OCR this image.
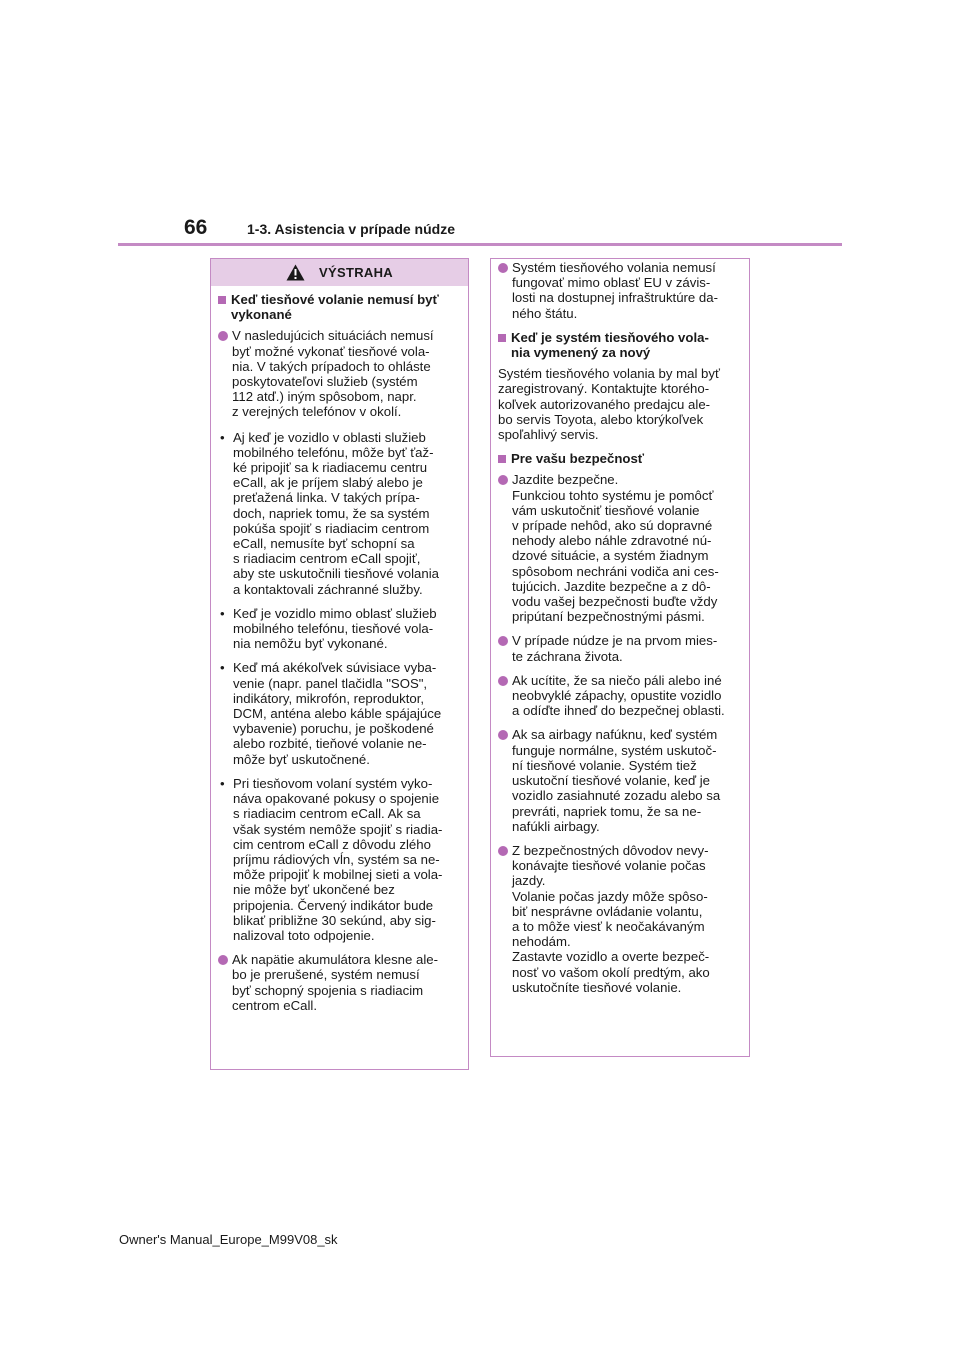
66	1-3. Asistencia v prípade núdze
VÝSTRAHA
Keď tiesňové volanie nemusí byť
vykonané
V nasledujúcich situáciách nemusí
byť možné vykonať tiesňové vola-
nia. V takých prípadoch to ohláste
poskytovateľovi služieb (systém
112 atď.) iným spôsobom, napr.
z verejných telefónov v okolí.
• Aj keď je vozidlo v oblasti služieb
mobilného telefónu, môže byť ťaž-
ké pripojiť sa k riadiacemu centru
eCall, ak je príjem slabý alebo je
preťažená linka. V takých prípa-
doch, napriek tomu, že sa systém
pokúša spojiť s riadiacim centrom
eCall, nemusíte byť schopní sa
s riadiacim centrom eCall spojiť,
aby ste uskutočnili tiesňové volania
a kontaktovali záchranné služby.
• Keď je vozidlo mimo oblasť služieb
mobilného telefónu, tiesňové vola-
nia nemôžu byť vykonané.
• Keď má akékoľvek súvisiace vyba-
venie (napr. panel tlačidla "SOS",
indikátory, mikrofón, reproduktor,
DCM, anténa alebo káble spájajúce
vybavenie) poruchu, je poškodené
alebo rozbité, tieňové volanie ne-
môže byť uskutočnené.
• Pri tiesňovom volaní systém vyko-
náva opakované pokusy o spojenie
s riadiacim centrom eCall. Ak sa
však systém nemôže spojiť s riadia-
cim centrom eCall z dôvodu zlého
príjmu rádiových vĺn, systém sa ne-
môže pripojiť k mobilnej sieti a vola-
nie môže byť ukončené bez
pripojenia. Červený indikátor bude
blikať približne 30 sekúnd, aby sig-
nalizoval toto odpojenie.
Ak napätie akumulátora klesne ale-
bo je prerušené, systém nemusí
byť schopný spojenia s riadiacim
centrom eCall.
Systém tiesňového volania nemusí
fungovať mimo oblasť EU v závis-
losti na dostupnej infraštruktúre da-
ného štátu.
Keď je systém tiesňového vola-
nia vymenený za nový
Systém tiesňového volania by mal byť
zaregistrovaný. Kontaktujte ktorého-
koľvek autorizovaného predajcu ale-
bo servis Toyota, alebo ktorýkoľvek
spoľahlivý servis.
Pre vašu bezpečnosť
Jazdite bezpečne.
Funkciou tohto systému je pomôcť
vám uskutočniť tiesňové volanie
v prípade nehôd, ako sú dopravné
nehody alebo náhle zdravotné nú-
dzové situácie, a systém žiadnym
spôsobom nechráni vodiča ani ces-
tujúcich. Jazdite bezpečne a z dô-
vodu vašej bezpečnosti buďte vždy
pripútaní bezpečnostnými pásmi.
V prípade núdze je na prvom mies-
te záchrana života.
Ak ucítite, že sa niečo páli alebo iné
neobvyklé zápachy, opustite vozidlo
a odíďte ihneď do bezpečnej oblasti.
Ak sa airbagy nafúknu, keď systém
funguje normálne, systém uskutoč-
ní tiesňové volanie. Systém tiež
uskutoční tiesňové volanie, keď je
vozidlo zasiahnuté zozadu alebo sa
prevráti, napriek tomu, že sa ne-
nafúkli airbagy.
Z bezpečnostných dôvodov nevy-
konávajte tiesňové volanie počas
jazdy.
Volanie počas jazdy môže spôso-
biť nesprávne ovládanie volantu,
a to môže viesť k neočakávaným
nehodám.
Zastavte vozidlo a overte bezpeč-
nosť vo vašom okolí predtým, ako
uskutočníte tiesňové volanie.
Owner's Manual_Europe_M99V08_sk
